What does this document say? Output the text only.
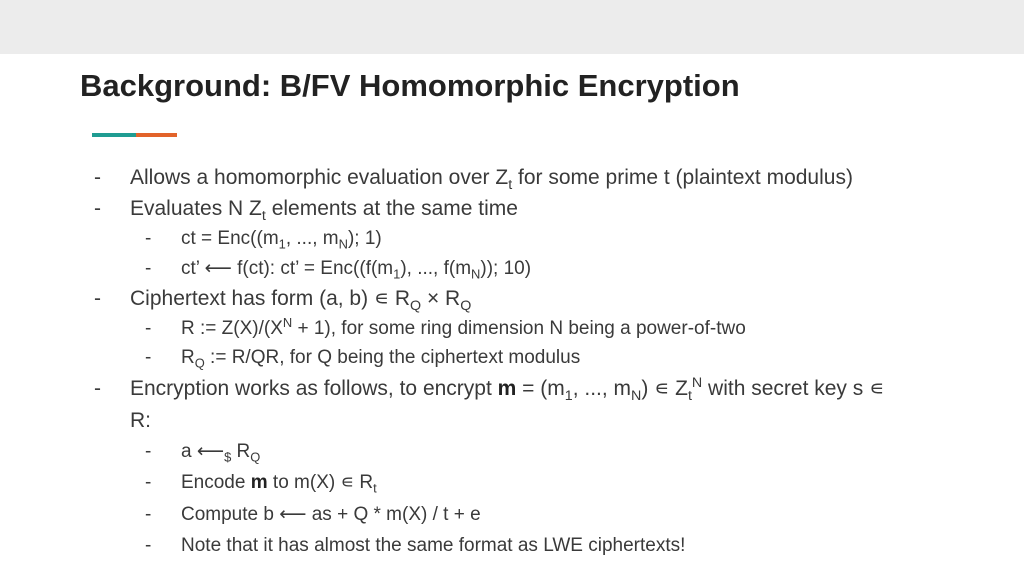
Background: B/FV Homomorphic Encryption
-	Allows a homomorphic evaluation over $Z_t$ for some prime t (plaintext modulus)
-	Evaluates N $Z_t$ elements at the same time
-	ct = $Enc((m_1$, ..., $m_N$); 1)
-	ct’ ⟵ f(ct): ct’ = $Enc((f(m_1)$, ..., $f(m_N)$); 10)
-	Ciphertext has form (a, b) ∊ $R_Q \times R_Q$
-	R := $Z(X)/(X^N + 1)$, for some ring dimension N being a power-of-two
-	$R_Q$ := R/QR, for Q being the ciphertext modulus
-	Encryption works as follows, to encrypt $m = (m_1$, ..., $m_N$) ∊ $Z_t^N$ with secret key s ∊
R:
-	a $⟵_{\$}$ $R_Q$
-	Encode m to m(X) ∊ $R_t$
-	Compute b ⟵ as + Q * m(X) / t + e
-	Note that it has almost the same format as LWE ciphertexts!
